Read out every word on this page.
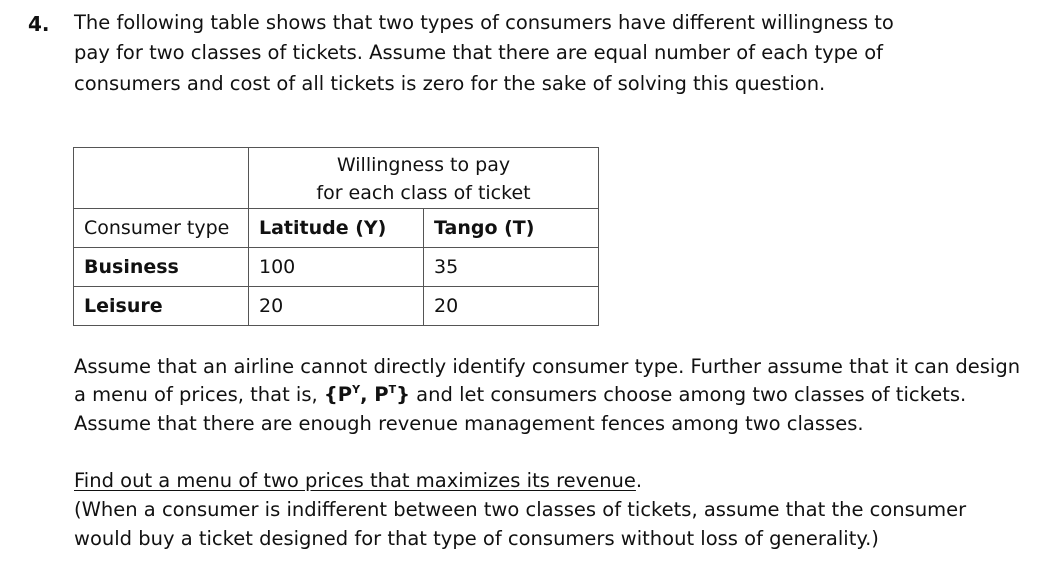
4. The following table shows that two types of consumers have different willingness to
pay for two classes of tickets. Assume that there are equal number of each type of
consumers and cost of all tickets is zero for the sake of solving this question.

	Willingness to pay
for each class of ticket	

Consumer type	Latitude (Y)	Tango (T)
Business	100	35
Leisure	20	20
Assume that an airline cannot directly identify consumer type. Further assume that it can design
a menu of prices, that is, {$P^Y$, $P^T$} and let consumers choose among two classes of tickets.
Assume that there are enough revenue management fences among two classes.
Find out a menu of two prices that maximizes its revenue.
(When a consumer is indifferent between two classes of tickets, assume that the consumer
would buy a ticket designed for that type of consumers without loss of generality.)
